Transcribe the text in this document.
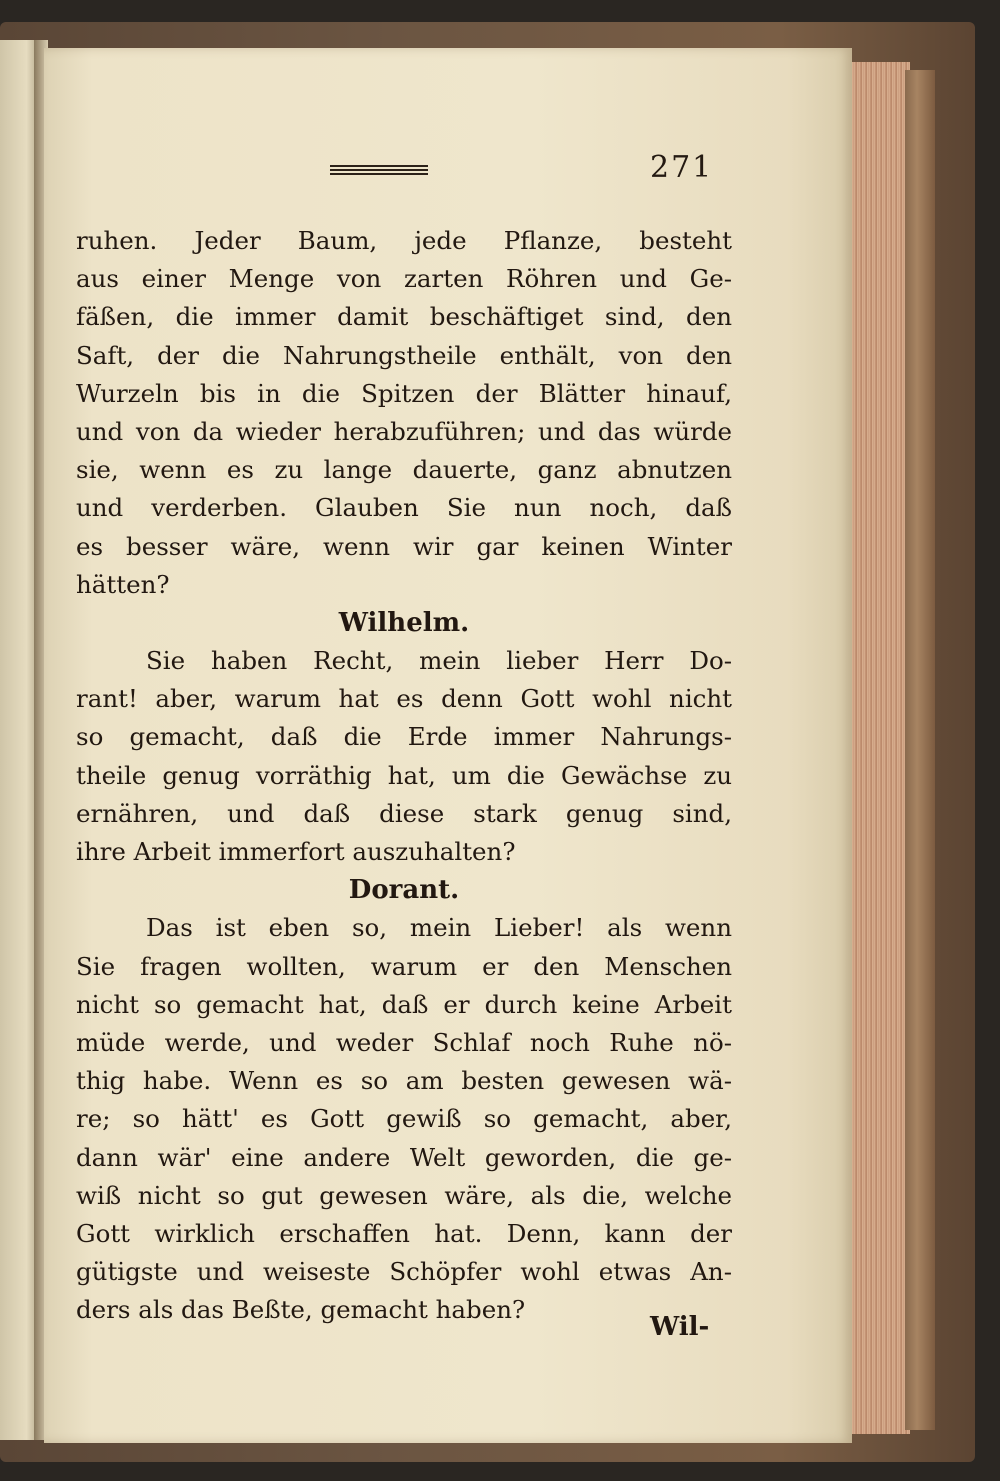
271
ruhen. Jeder Baum, jede Pflanze, besteht
aus einer Menge von zarten Röhren und Ge-
fäßen, die immer damit beschäftiget sind, den
Saft, der die Nahrungstheile enthält, von den
Wurzeln bis in die Spitzen der Blätter hinauf,
und von da wieder herabzuführen; und das würde
sie, wenn es zu lange dauerte, ganz abnutzen
und verderben. Glauben Sie nun noch, daß
es besser wäre, wenn wir gar keinen Winter
hätten?
Wilhelm.
Sie haben Recht, mein lieber Herr Do-
rant! aber, warum hat es denn Gott wohl nicht
so gemacht, daß die Erde immer Nahrungs-
theile genug vorräthig hat, um die Gewächse zu
ernähren, und daß diese stark genug sind,
ihre Arbeit immerfort auszuhalten?
Dorant.
Das ist eben so, mein Lieber! als wenn
Sie fragen wollten, warum er den Menschen
nicht so gemacht hat, daß er durch keine Arbeit
müde werde, und weder Schlaf noch Ruhe nö-
thig habe. Wenn es so am besten gewesen wä-
re; so hätt' es Gott gewiß so gemacht, aber,
dann wär' eine andere Welt geworden, die ge-
wiß nicht so gut gewesen wäre, als die, welche
Gott wirklich erschaffen hat. Denn, kann der
gütigste und weiseste Schöpfer wohl etwas An-
ders als das Beßte, gemacht haben?
Wil-
